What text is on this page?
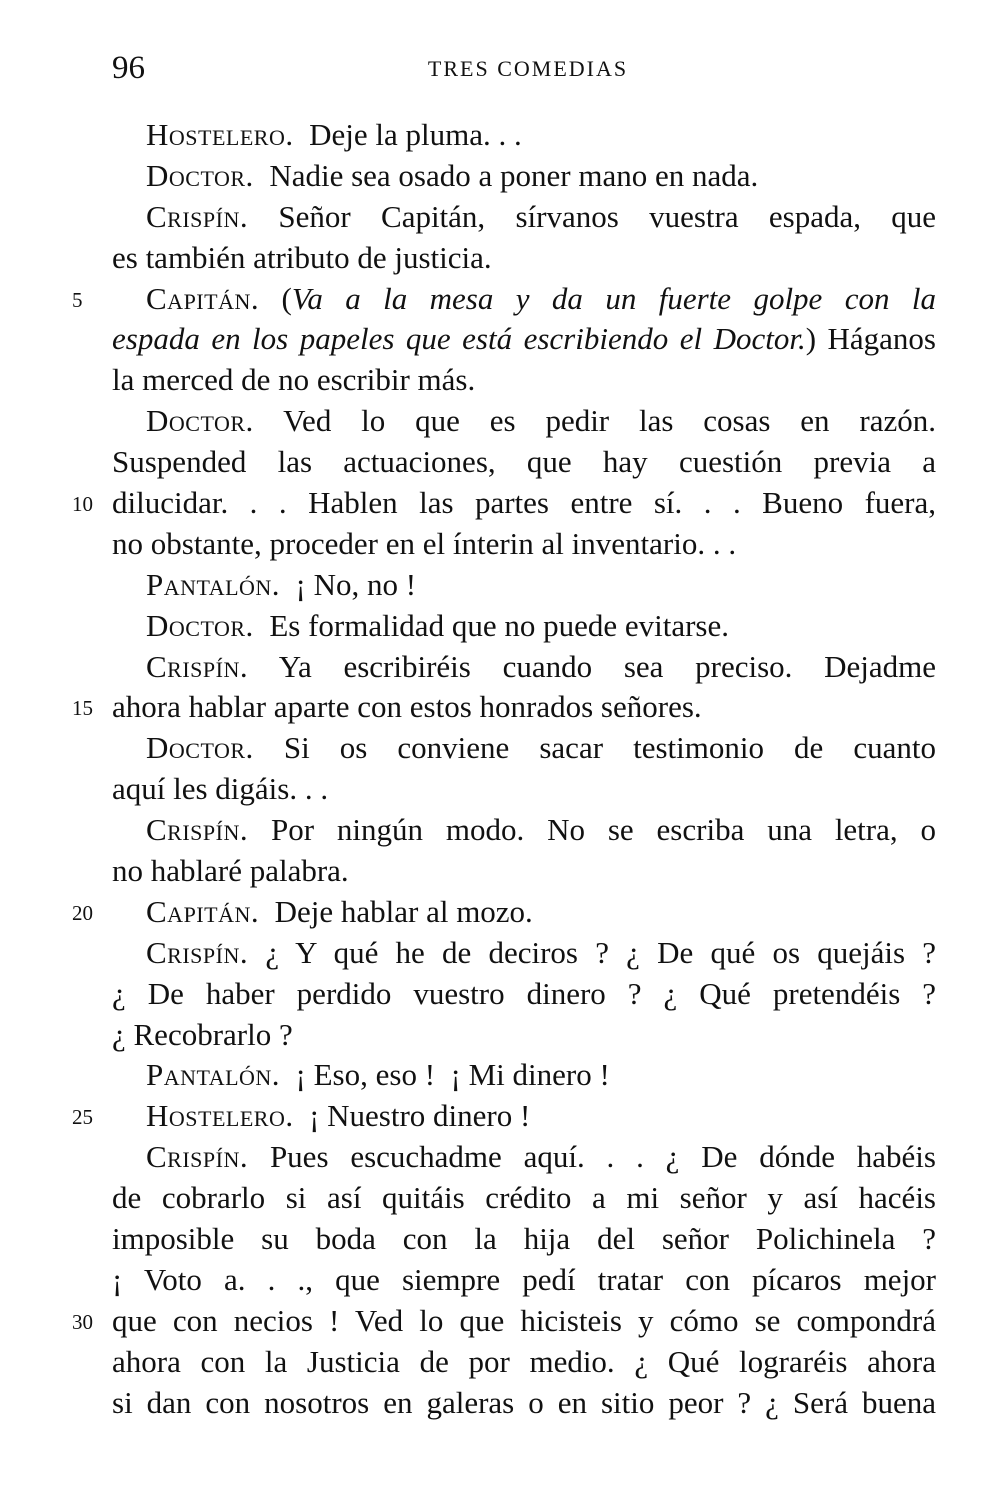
96	TRES COMEDIAS
Hostelero.  Deje la pluma. . .
Doctor.  Nadie sea osado a poner mano en nada.
Crispín. Señor Capitán, sírvanos vuestra espada, que
es también atributo de justicia.
5	Capitán. (Va a la mesa y da un fuerte golpe con la
espada en los papeles que está escribiendo el Doctor.) Háganos
la merced de no escribir más.
Doctor. Ved lo que es pedir las cosas en razón.
Suspended las actuaciones, que hay cuestión previa a
10 dilucidar. . . Hablen las partes entre sí. . . Bueno fuera,
no obstante, proceder en el ínterin al inventario. . .
Pantalón.  ¡ No, no !
Doctor.  Es formalidad que no puede evitarse.
Crispín. Ya escribiréis cuando sea preciso. Dejadme
15 ahora hablar aparte con estos honrados señores.
Doctor. Si os conviene sacar testimonio de cuanto
aquí les digáis. . .
Crispín. Por ningún modo. No se escriba una letra, o
no hablaré palabra.
20 Capitán.  Deje hablar al mozo.
Crispín. ¿ Y qué he de deciros ? ¿ De qué os quejáis ?
¿ De haber perdido vuestro dinero ? ¿ Qué pretendéis ?
¿ Recobrarlo ?
Pantalón.  ¡ Eso, eso !  ¡ Mi dinero !
25 Hostelero.  ¡ Nuestro dinero !
Crispín. Pues escuchadme aquí. . . ¿ De dónde habéis
de cobrarlo si así quitáis crédito a mi señor y así hacéis
imposible su boda con la hija del señor Polichinela ?
¡ Voto a. . ., que siempre pedí tratar con pícaros mejor
30 que con necios ! Ved lo que hicisteis y cómo se compondrá
ahora con la Justicia de por medio. ¿ Qué lograréis ahora
si dan con nosotros en galeras o en sitio peor ? ¿ Será buena
